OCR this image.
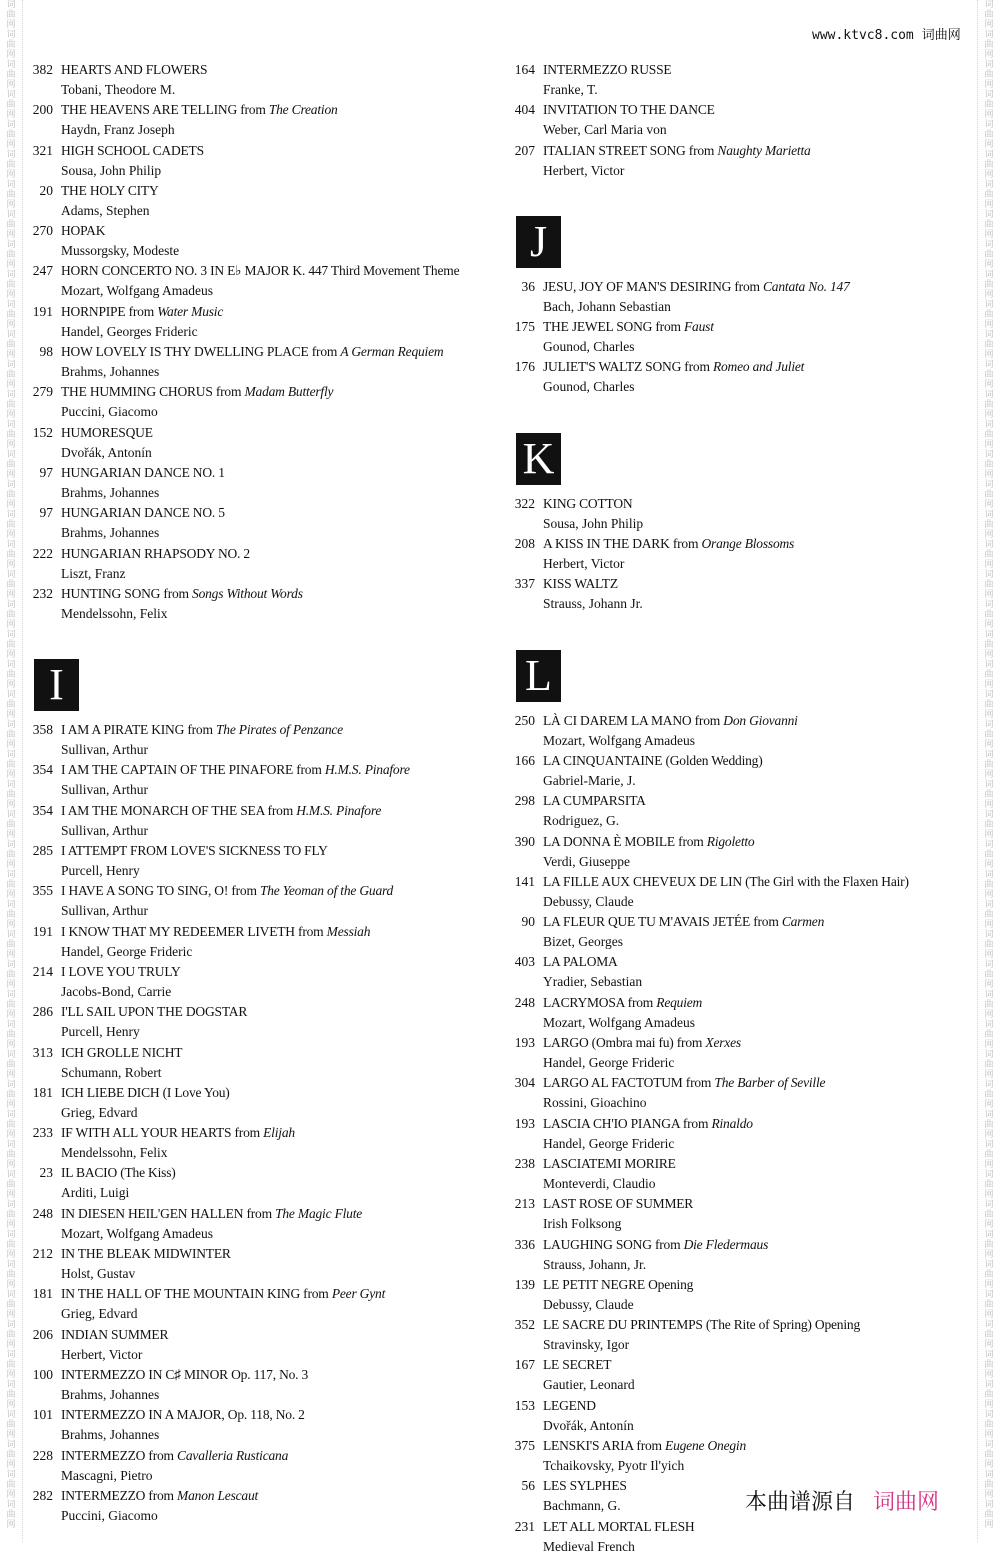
词
曲
网
词
曲
网
词
曲
网
词
曲
网
词
曲
网
词
曲
网
词
曲
网
词
曲
网
词
曲
网
词
曲
网
词
曲
网
词
曲
网
词
曲
网
词
曲
网
词
曲
网
词
曲
网
词
曲
网
词
曲
网
词
曲
网
词
曲
网
词
曲
网
词
曲
网
词
曲
网
词
曲
网
词
曲
网
词
曲
网
词
曲
网
词
曲
网
词
曲
网
词
曲
网
词
曲
网
词
曲
网
词
曲
网
词
曲
网
词
曲
网
词
曲
网
词
曲
网
词
曲
网
词
曲
网
词
曲
网
词
曲
网
词
曲
网
词
曲
网
词
曲
网
词
曲
网
词
曲
网
词
曲
网
词
曲
网
词
曲
网
词
曲
网
词
曲
网
词
曲
网
词
曲
网
词
曲
网
词
曲
网
词
曲
网
词
曲
网
词
曲
网
词
曲
网
词
曲
网
词
曲
网
词
曲
网
词
曲
网
词
曲
网
词
曲
网
词
曲
网
词
曲
网
词
曲
网
词
曲
网
词
曲
网
词
曲
网
词
曲
网
词
曲
网
词
曲
网
词
曲
网
词
曲
网
词
曲
网
词
曲
网
词
曲
网
词
曲
网
词
曲
网
词
曲
网
词
曲
网
词
曲
网
词
曲
网
词
曲
网
词
曲
网
词
曲
网
词
曲
网
词
曲
网
词
曲
网
词
曲
网
词
曲
网
词
曲
网
词
曲
网
词
曲
网
词
曲
网
词
曲
网
词
曲
网
词
曲
网
词
曲
网
词
曲
网
www.ktvc8.com 词曲网
382 HEARTS AND FLOWERS
Tobani, Theodore M.
200 THE HEAVENS ARE TELLING from The Creation
Haydn, Franz Joseph
321 HIGH SCHOOL CADETS
Sousa, John Philip
20 THE HOLY CITY
Adams, Stephen
270 HOPAK
Mussorgsky, Modeste
247 HORN CONCERTO NO. 3 IN E♭ MAJOR K. 447 Third Movement Theme
Mozart, Wolfgang Amadeus
191 HORNPIPE from Water Music
Handel, Georges Frideric
98 HOW LOVELY IS THY DWELLING PLACE from A German Requiem
Brahms, Johannes
279 THE HUMMING CHORUS from Madam Butterfly
Puccini, Giacomo
152 HUMORESQUE
Dvořák, Antonín
97 HUNGARIAN DANCE NO. 1
Brahms, Johannes
97 HUNGARIAN DANCE NO. 5
Brahms, Johannes
222 HUNGARIAN RHAPSODY NO. 2
Liszt, Franz
232 HUNTING SONG from Songs Without Words
Mendelssohn, Felix
I
358 I AM A PIRATE KING from The Pirates of Penzance
Sullivan, Arthur
354 I AM THE CAPTAIN OF THE PINAFORE from H.M.S. Pinafore
Sullivan, Arthur
354 I AM THE MONARCH OF THE SEA from H.M.S. Pinafore
Sullivan, Arthur
285 I ATTEMPT FROM LOVE'S SICKNESS TO FLY
Purcell, Henry
355 I HAVE A SONG TO SING, O! from The Yeoman of the Guard
Sullivan, Arthur
191 I KNOW THAT MY REDEEMER LIVETH from Messiah
Handel, George Frideric
214 I LOVE YOU TRULY
Jacobs-Bond, Carrie
286 I'LL SAIL UPON THE DOGSTAR
Purcell, Henry
313 ICH GROLLE NICHT
Schumann, Robert
181 ICH LIEBE DICH (I Love You)
Grieg, Edvard
233 IF WITH ALL YOUR HEARTS from Elijah
Mendelssohn, Felix
23 IL BACIO (The Kiss)
Arditi, Luigi
248 IN DIESEN HEIL'GEN HALLEN from The Magic Flute
Mozart, Wolfgang Amadeus
212 IN THE BLEAK MIDWINTER
Holst, Gustav
181 IN THE HALL OF THE MOUNTAIN KING from Peer Gynt
Grieg, Edvard
206 INDIAN SUMMER
Herbert, Victor
100 INTERMEZZO IN C♯ MINOR Op. 117, No. 3
Brahms, Johannes
101 INTERMEZZO IN A MAJOR, Op. 118, No. 2
Brahms, Johannes
228 INTERMEZZO from Cavalleria Rusticana
Mascagni, Pietro
282 INTERMEZZO from Manon Lescaut
Puccini, Giacomo
164 INTERMEZZO RUSSE
Franke, T.
404 INVITATION TO THE DANCE
Weber, Carl Maria von
207 ITALIAN STREET SONG from Naughty Marietta
Herbert, Victor
J
36 JESU, JOY OF MAN'S DESIRING from Cantata No. 147
Bach, Johann Sebastian
175 THE JEWEL SONG from Faust
Gounod, Charles
176 JULIET'S WALTZ SONG from Romeo and Juliet
Gounod, Charles
K
322 KING COTTON
Sousa, John Philip
208 A KISS IN THE DARK from Orange Blossoms
Herbert, Victor
337 KISS WALTZ
Strauss, Johann Jr.
L
250 LÀ CI DAREM LA MANO from Don Giovanni
Mozart, Wolfgang Amadeus
166 LA CINQUANTAINE (Golden Wedding)
Gabriel-Marie, J.
298 LA CUMPARSITA
Rodriguez, G.
390 LA DONNA È MOBILE from Rigoletto
Verdi, Giuseppe
141 LA FILLE AUX CHEVEUX DE LIN (The Girl with the Flaxen Hair)
Debussy, Claude
90 LA FLEUR QUE TU M'AVAIS JETÉE from Carmen
Bizet, Georges
403 LA PALOMA
Yradier, Sebastian
248 LACRYMOSA from Requiem
Mozart, Wolfgang Amadeus
193 LARGO (Ombra mai fu) from Xerxes
Handel, George Frideric
304 LARGO AL FACTOTUM from The Barber of Seville
Rossini, Gioachino
193 LASCIA CH'IO PIANGA from Rinaldo
Handel, George Frideric
238 LASCIATEMI MORIRE
Monteverdi, Claudio
213 LAST ROSE OF SUMMER
Irish Folksong
336 LAUGHING SONG from Die Fledermaus
Strauss, Johann, Jr.
139 LE PETIT NEGRE Opening
Debussy, Claude
352 LE SACRE DU PRINTEMPS (The Rite of Spring) Opening
Stravinsky, Igor
167 LE SECRET
Gautier, Leonard
153 LEGEND
Dvořák, Antonín
375 LENSKI'S ARIA from Eugene Onegin
Tchaikovsky, Pyotr Il'yich
56 LES SYLPHES
Bachmann, G.
231 LET ALL MORTAL FLESH
Medieval French
本曲谱源自 词曲网
